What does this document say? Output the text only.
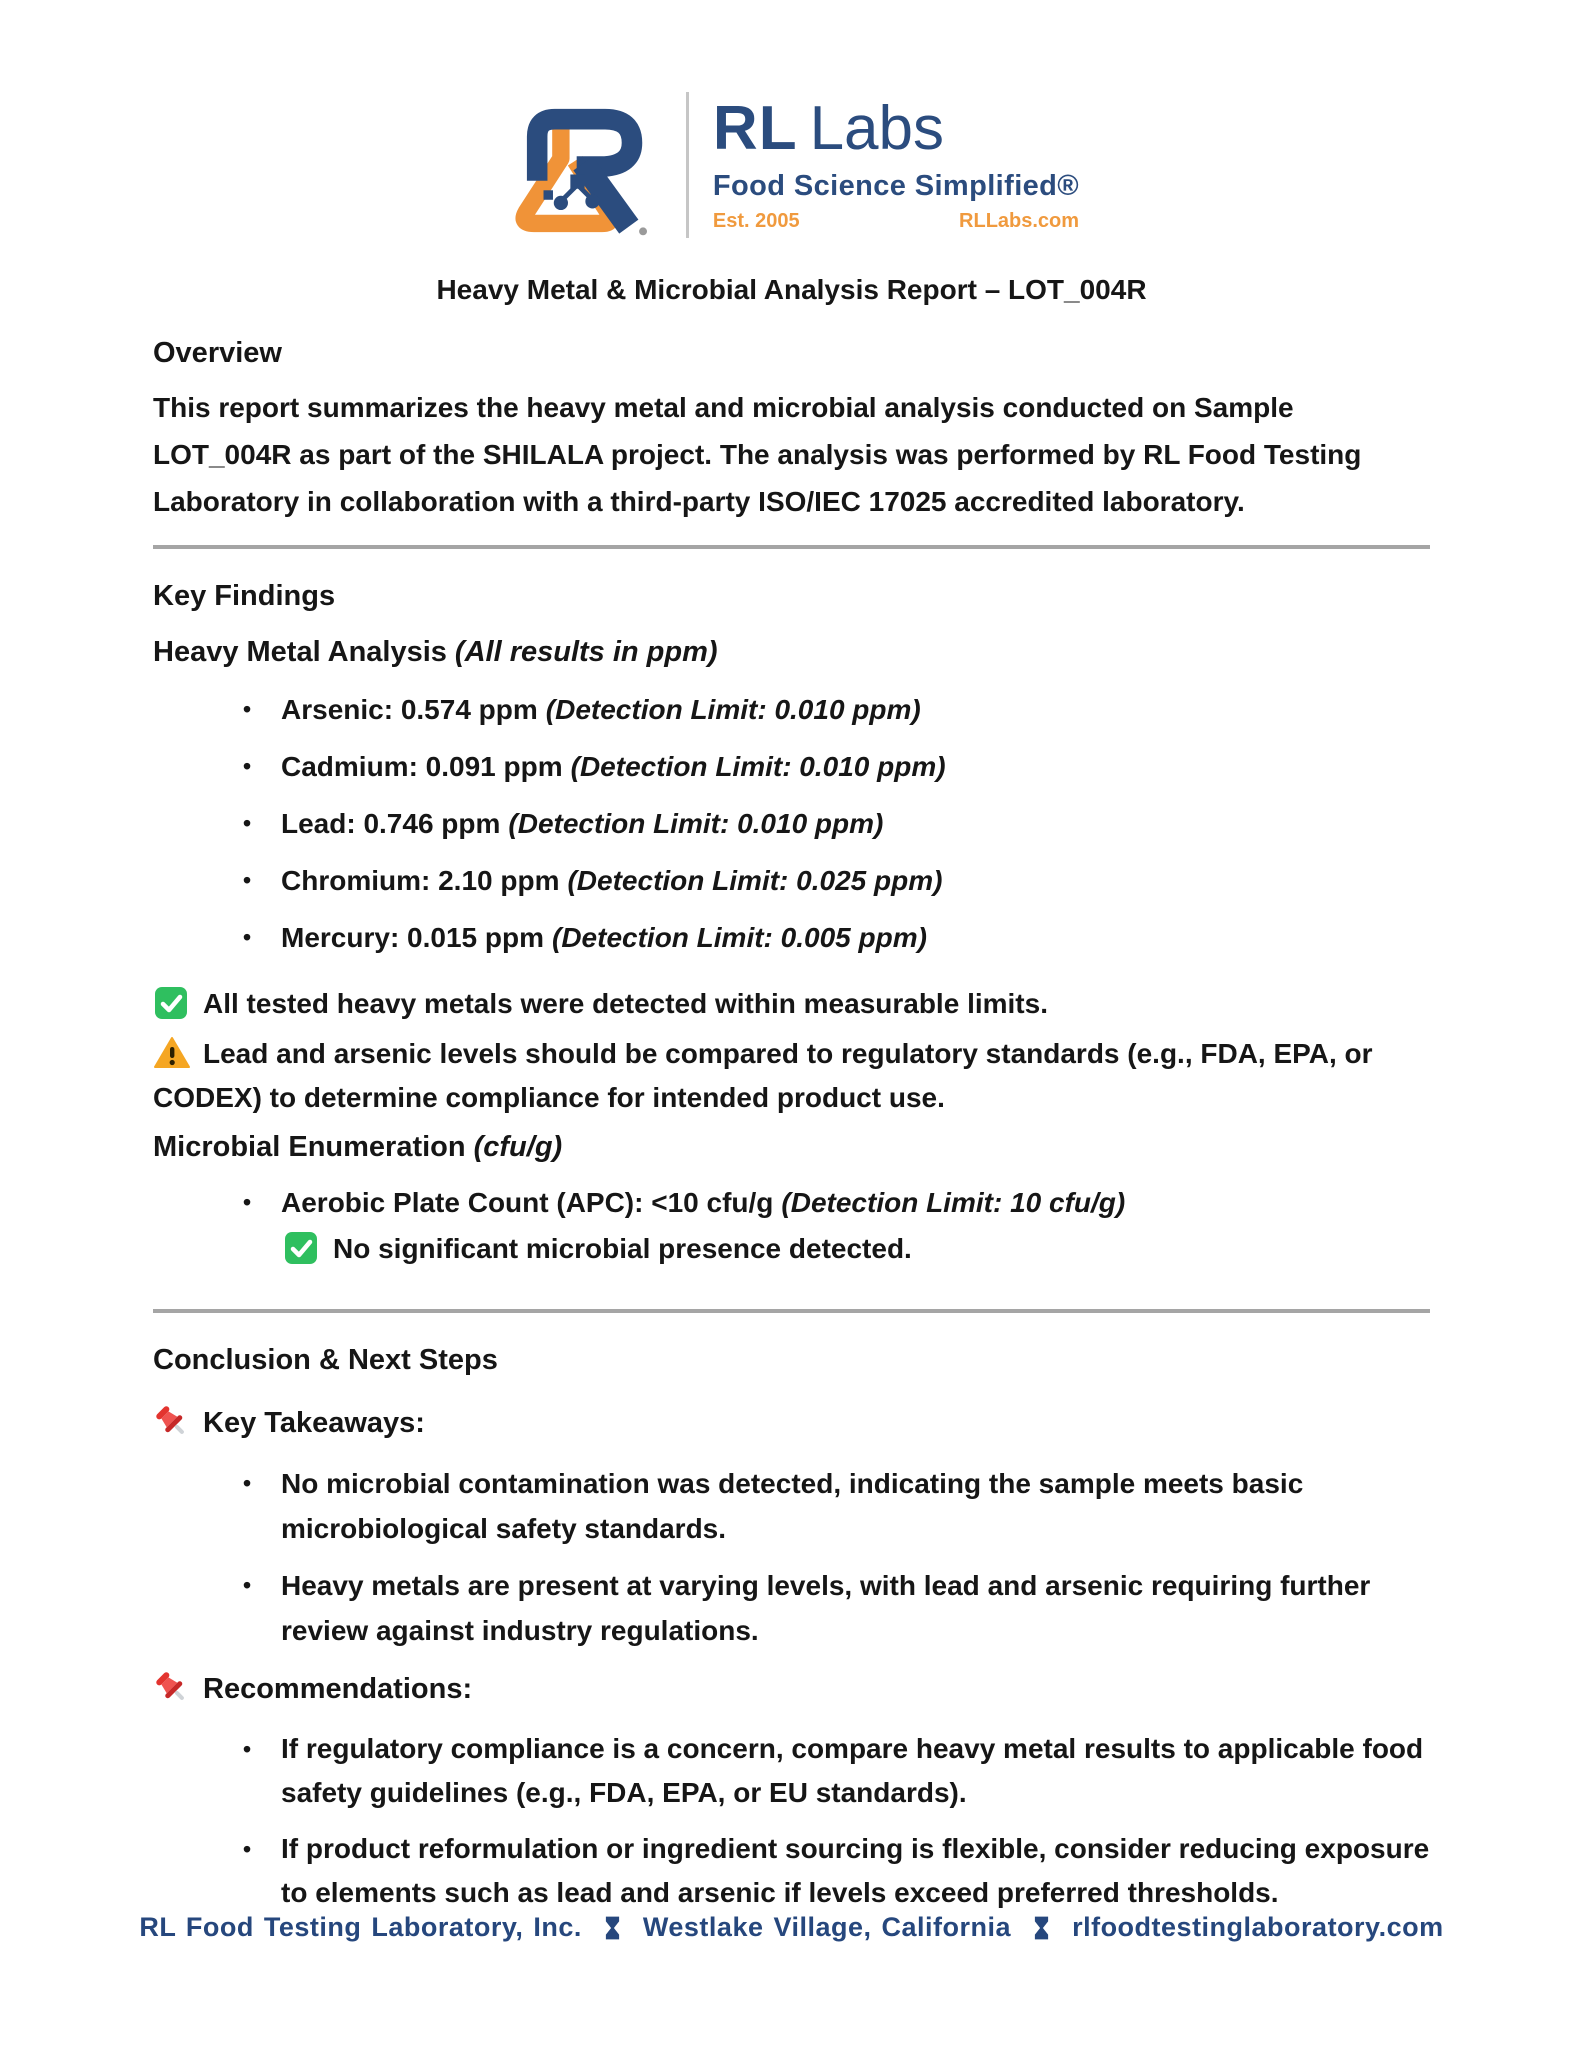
RL Labs
Food Science Simplified®
Est. 2005	RLLabs.com
Heavy Metal & Microbial Analysis Report – LOT_004R
Overview
This report summarizes the heavy metal and microbial analysis conducted on Sample LOT_004R as part of the SHILALA project. The analysis was performed by RL Food Testing Laboratory in collaboration with a third-party ISO/IEC 17025 accredited laboratory.
Key Findings
Heavy Metal Analysis (All results in ppm)
•	Arsenic: 0.574 ppm (Detection Limit: 0.010 ppm)
•	Cadmium: 0.091 ppm (Detection Limit: 0.010 ppm)
•	Lead: 0.746 ppm (Detection Limit: 0.010 ppm)
•	Chromium: 2.10 ppm (Detection Limit: 0.025 ppm)
•	Mercury: 0.015 ppm (Detection Limit: 0.005 ppm)
All tested heavy metals were detected within measurable limits.
Lead and arsenic levels should be compared to regulatory standards (e.g., FDA, EPA, or CODEX) to determine compliance for intended product use.
Microbial Enumeration (cfu/g)
•	Aerobic Plate Count (APC): <10 cfu/g (Detection Limit: 10 cfu/g)
No significant microbial presence detected.
Conclusion & Next Steps
Key Takeaways:
•	No microbial contamination was detected, indicating the sample meets basic microbiological safety standards.
•	Heavy metals are present at varying levels, with lead and arsenic requiring further review against industry regulations.
Recommendations:
•	If regulatory compliance is a concern, compare heavy metal results to applicable food safety guidelines (e.g., FDA, EPA, or EU standards).
•	If product reformulation or ingredient sourcing is flexible, consider reducing exposure to elements such as lead and arsenic if levels exceed preferred thresholds.
RL Food Testing Laboratory, Inc. Westlake Village, California rlfoodtestinglaboratory.com
